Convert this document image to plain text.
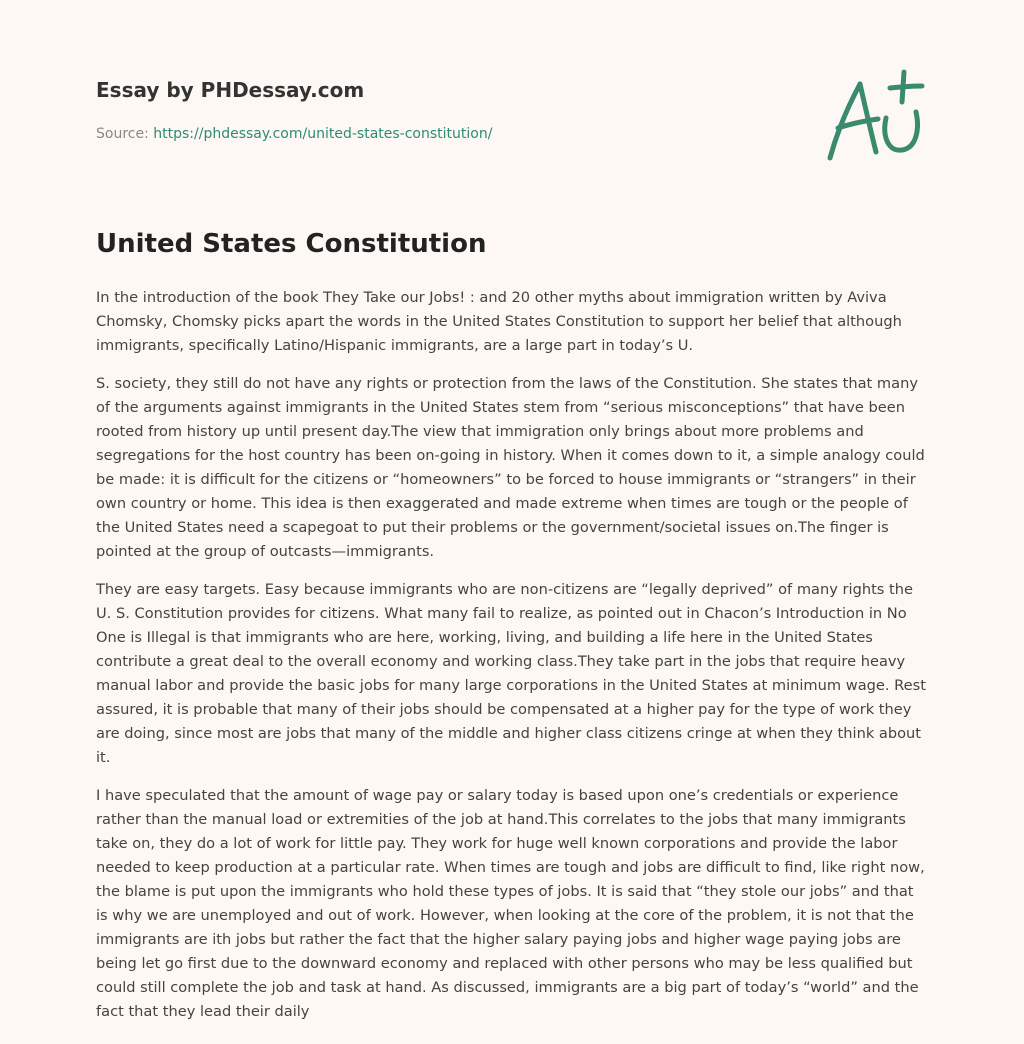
Essay by PHDessay.com
Source: https://phdessay.com/united-states-constitution/
United States Constitution

In the introduction of the book They Take our Jobs! : and 20 other myths about immigration written by Aviva Chomsky, Chomsky picks apart the words in the United States Constitution to support her belief that although immigrants, specifically Latino/Hispanic immigrants, are a large part in today’s U.

S. society, they still do not have any rights or protection from the laws of the Constitution. She states that many of the arguments against immigrants in the United States stem from “serious misconceptions” that have been rooted from history up until present day.The view that immigration only brings about more problems and segregations for the host country has been on-going in history. When it comes down to it, a simple analogy could be made: it is difficult for the citizens or “homeowners” to be forced to house immigrants or “strangers” in their own country or home. This idea is then exaggerated and made extreme when times are tough or the people of the United States need a scapegoat to put their problems or the government/societal issues on.The finger is pointed at the group of outcasts—immigrants.

They are easy targets. Easy because immigrants who are non-citizens are “legally deprived” of many rights the U. S. Constitution provides for citizens. What many fail to realize, as pointed out in Chacon’s Introduction in No One is Illegal is that immigrants who are here, working, living, and building a life here in the United States contribute a great deal to the overall economy and working class.They take part in the jobs that require heavy manual labor and provide the basic jobs for many large corporations in the United States at minimum wage. Rest assured, it is probable that many of their jobs should be compensated at a higher pay for the type of work they are doing, since most are jobs that many of the middle and higher class citizens cringe at when they think about it.

I have speculated that the amount of wage pay or salary today is based upon one’s credentials or experience rather than the manual load or extremities of the job at hand.This correlates to the jobs that many immigrants take on, they do a lot of work for little pay. They work for huge well known corporations and provide the labor needed to keep production at a particular rate. When times are tough and jobs are difficult to find, like right now, the blame is put upon the immigrants who hold these types of jobs. It is said that “they stole our jobs” and that is why we are unemployed and out of work. However, when looking at the core of the problem, it is not that the immigrants are ith jobs but rather the fact that the higher salary paying jobs and higher wage paying jobs are being let go first due to the downward economy and replaced with other persons who may be less qualified but could still complete the job and task at hand. As discussed, immigrants are a big part of today’s “world” and the fact that they lead their daily
